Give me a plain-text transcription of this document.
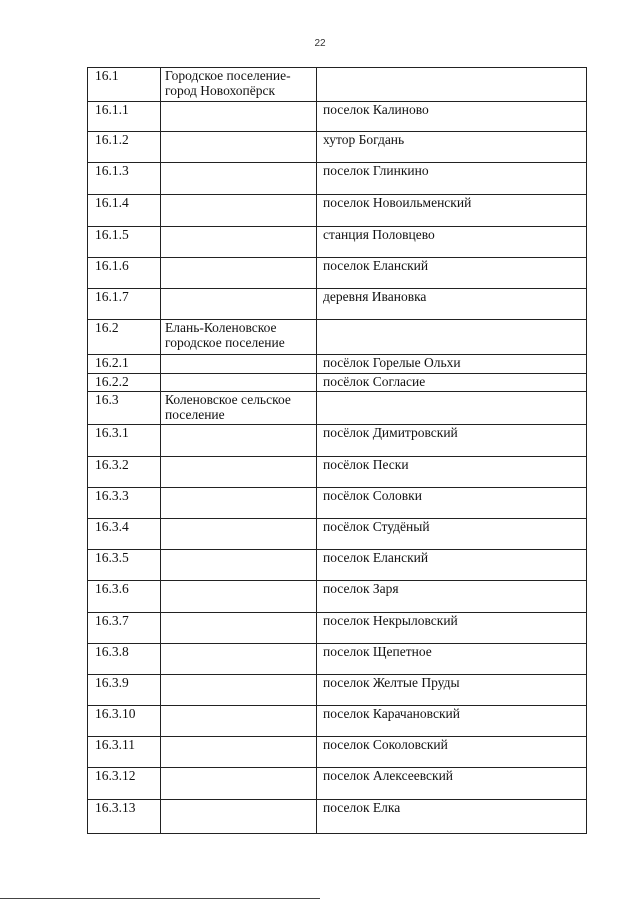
22
16.1	Городское поселение-город Новохопёрск	
16.1.1		поселок Калиново
16.1.2		хутор Богдань
16.1.3		поселок Глинкино
16.1.4		поселок Новоильменский
16.1.5		станция Половцево
16.1.6		поселок Еланский
16.1.7		деревня Ивановка
16.2	Елань-Коленовское городское поселение	
16.2.1		посёлок Горелые Ольхи
16.2.2		посёлок Согласие
16.3	Коленовское сельское поселение	
16.3.1		посёлок Димитровский
16.3.2		посёлок Пески
16.3.3		посёлок Соловки
16.3.4		посёлок Студёный
16.3.5		поселок Еланский
16.3.6		поселок Заря
16.3.7		поселок Некрыловский
16.3.8		поселок Щепетное
16.3.9		поселок Желтые Пруды
16.3.10		поселок Карачановский
16.3.11		поселок Соколовский
16.3.12		поселок Алексеевский
16.3.13		поселок Елка
